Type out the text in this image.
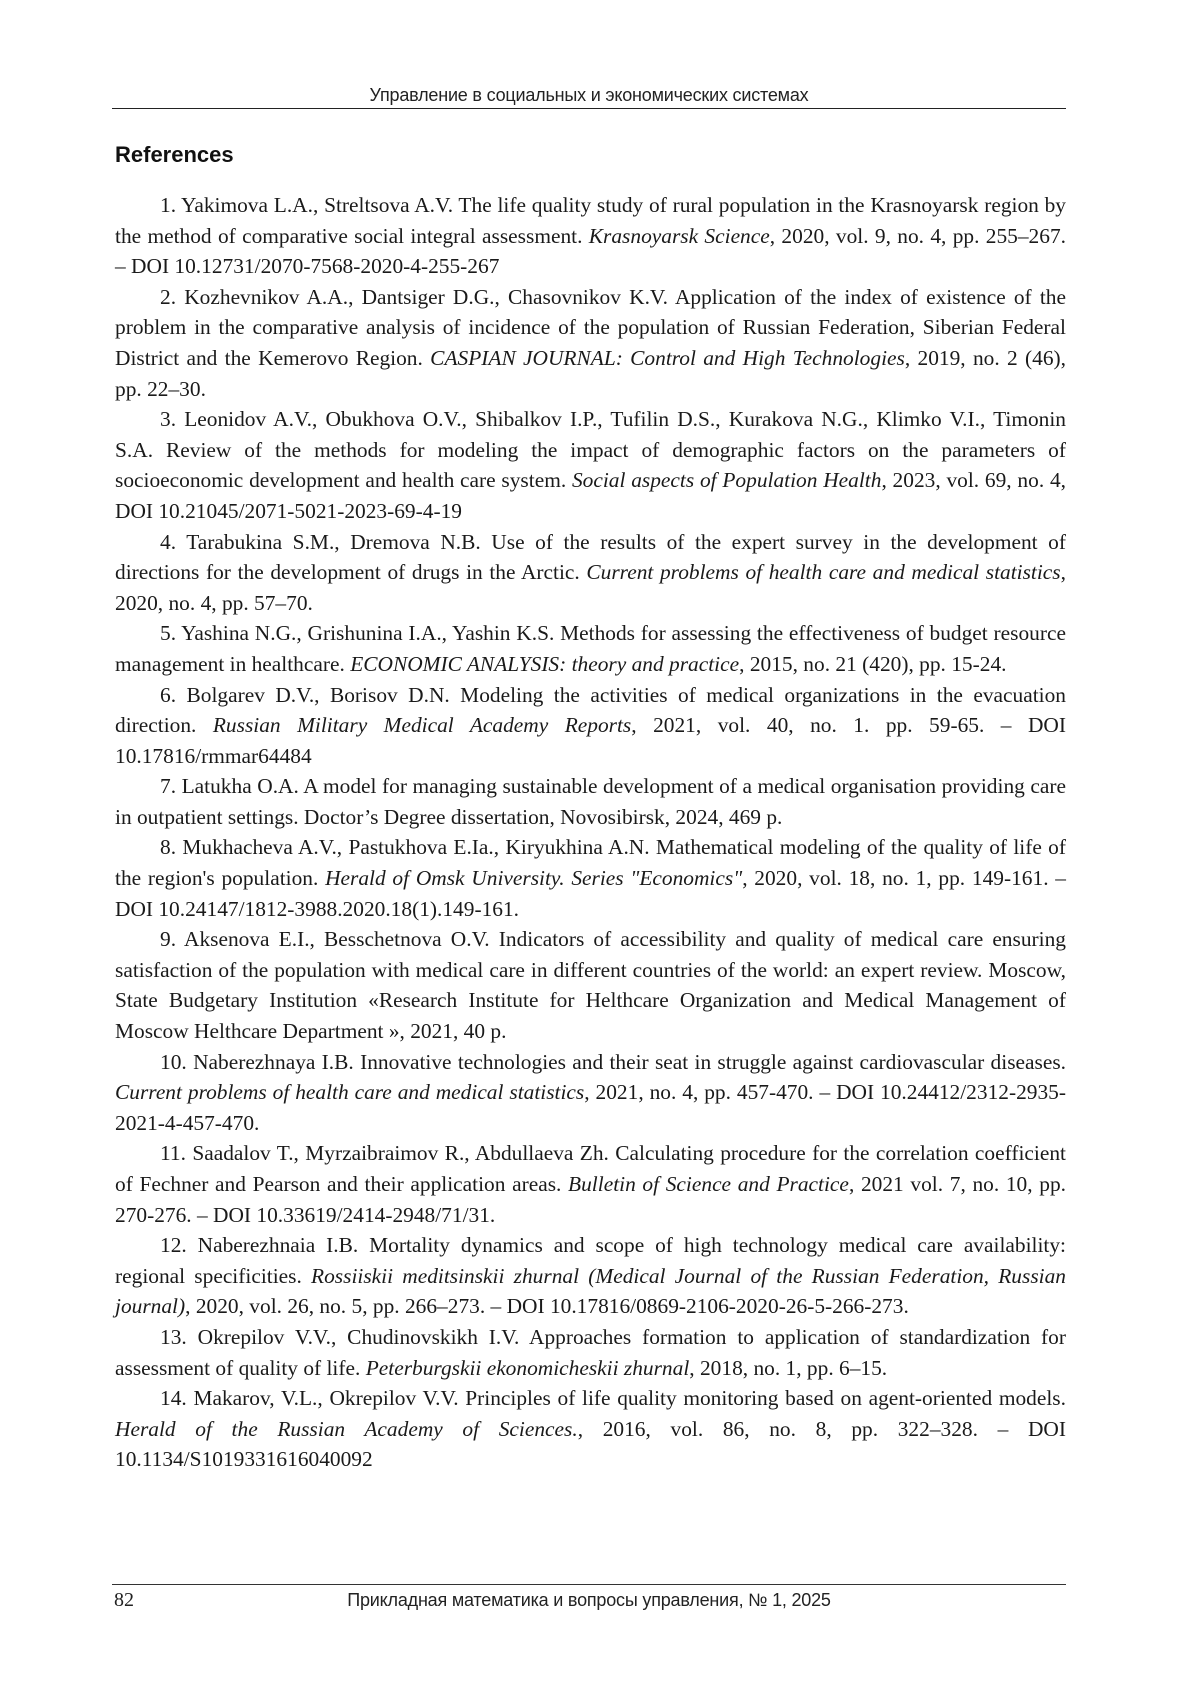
Управление в социальных и экономических системах
References

1. Yakimova L.A., Streltsova A.V. The life quality study of rural population in the Krasnoyarsk region by the method of comparative social integral assessment. Krasnoyarsk Science, 2020, vol. 9, no. 4, pp. 255–267. – DOI 10.12731/2070-7568-2020-4-255-267

2. Kozhevnikov A.A., Dantsiger D.G., Chasovnikov K.V. Application of the index of existence of the problem in the comparative analysis of incidence of the population of Russian Federation, Siberian Federal District and the Kemerovo Region. CASPIAN JOURNAL: Control and High Technologies, 2019, no. 2 (46), pp. 22–30.

3. Leonidov A.V., Obukhova O.V., Shibalkov I.P., Tufilin D.S., Kurakova N.G., Klimko V.I., Timonin S.A. Review of the methods for modeling the impact of demographic factors on the parameters of socioeconomic development and health care system. Social aspects of Population Health, 2023, vol. 69, no. 4, DOI 10.21045/2071-5021-2023-69-4-19

4. Tarabukina S.M., Dremova N.B. Use of the results of the expert survey in the development of directions for the development of drugs in the Arctic. Current problems of health care and medical statistics, 2020, no. 4, pp. 57–70.

5. Yashina N.G., Grishunina I.A., Yashin K.S. Methods for assessing the effectiveness of budget resource management in healthcare. ECONOMIC ANALYSIS: theory and practice, 2015, no. 21 (420), pp. 15-24.

6. Bolgarev D.V., Borisov D.N. Modeling the activities of medical organizations in the evacuation direction. Russian Military Medical Academy Reports, 2021, vol. 40, no. 1. pp. 59-65. – DOI 10.17816/rmmar64484

7. Latukha O.A. A model for managing sustainable development of a medical organisation providing care in outpatient settings. Doctor’s Degree dissertation, Novosibirsk, 2024, 469 p.

8. Mukhacheva A.V., Pastukhova E.Ia., Kiryukhina A.N. Mathematical modeling of the quality of life of the region's population. Herald of Omsk University. Series "Economics", 2020, vol. 18, no. 1, pp. 149-161. – DOI 10.24147/1812-3988.2020.18(1).149-161.

9. Aksenova E.I., Besschetnova O.V. Indicators of accessibility and quality of medical care ensuring satisfaction of the population with medical care in different countries of the world: an expert review. Moscow, State Budgetary Institution «Research Institute for Helthcare Organization and Medical Management of Moscow Helthcare Department », 2021, 40 p.

10. Naberezhnaya I.B. Innovative technologies and their seat in struggle against cardiovascular diseases. Current problems of health care and medical statistics, 2021, no. 4, pp. 457-470. – DOI 10.24412/2312-2935-2021-4-457-470.

11. Saadalov T., Myrzaibraimov R., Abdullaeva Zh. Calculating procedure for the correlation coefficient of Fechner and Pearson and their application areas. Bulletin of Science and Practice, 2021 vol. 7, no. 10, pp. 270-276. – DOI 10.33619/2414-2948/71/31.

12. Naberezhnaia I.B. Mortality dynamics and scope of high technology medical care availability: regional specificities. Rossiiskii meditsinskii zhurnal (Medical Journal of the Russian Federation, Russian journal), 2020, vol. 26, no. 5, pp. 266–273. – DOI 10.17816/0869-2106-2020-26-5-266-273.

13. Okrepilov V.V., Chudinovskikh I.V. Approaches formation to application of standardization for assessment of quality of life. Peterburgskii ekonomicheskii zhurnal, 2018, no. 1, pp. 6–15.

14. Makarov, V.L., Okrepilov V.V. Principles of life quality monitoring based on agent-oriented models. Herald of the Russian Academy of Sciences., 2016, vol. 86, no. 8, pp. 322–328. – DOI 10.1134/S1019331616040092

82	Прикладная математика и вопросы управления, № 1, 2025
